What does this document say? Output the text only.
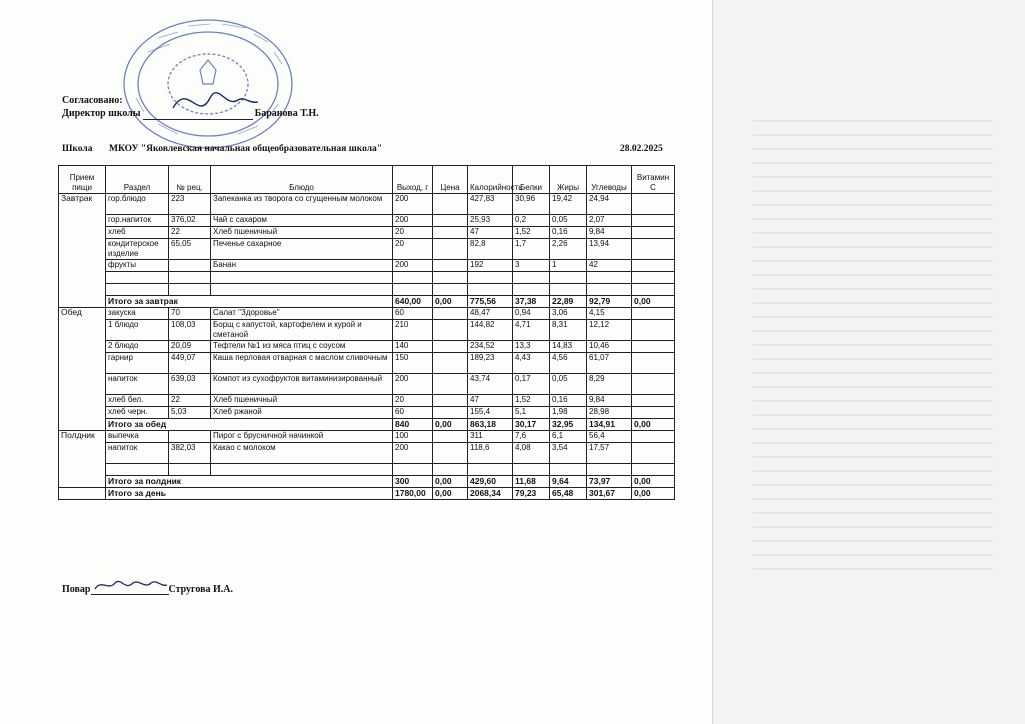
Согласовано:
Директор школы	Баранова Т.Н.
Школа МКОУ "Яковлевская начальная общеобразовательная школа"	28.02.2025
Прием пищи	Раздел	№ рец.	Блюдо	Выход, г	Цена	Калорийность	Белки	Жиры	Углеводы	Витамин С
Завтрак	гор.блюдо	223	Запеканка из творога со сгущенным молоком	200		427,83	30,96	19,42	24,94	
	гор.напиток	376,02	Чай с сахаром	200		25,93	0,2	0,05	2,07	
	хлеб	22	Хлеб пшеничный	20		47	1,52	0,16	9,84	
	кондитерское изделие	65,05	Печенье сахарное	20		82,8	1,7	2,26	13,94	
	фрукты		Банан	200		192	3	1	42	

	Итого за завтрак			640,00	0,00	775,56	37,38	22,89	92,79	0,00
Обед	закуска	70	Салат "Здоровье"	60		48,47	0,94	3,06	4,15	
	1 блюдо	108,03	Борщ с капустой, картофелем и курой и сметаной	210		144,82	4,71	8,31	12,12	
	2 блюдо	20,09	Тефтели №1 из мяса птиц с соусом	140		234,52	13,3	14,83	10,46	
	гарнир	449,07	Каша перловая отварная с маслом сливочным	150		189,23	4,43	4,56	61,07	
	напиток	639,03	Компот из сухофруктов витаминизированный	200		43,74	0,17	0,05	8,29	
	хлеб бел.	22	Хлеб пшеничный	20		47	1,52	0,16	9,84	
	хлеб черн.	5,03	Хлеб ржаной	60		155,4	5,1	1,98	28,98	
	Итого за обед			840	0,00	863,18	30,17	32,95	134,91	0,00
Полдник	выпечка		Пирог с брусничной начинкой	100		311	7,6	6,1	56,4	
	напиток	382,03	Какао с молоком	200		118,6	4,08	3,54	17,57	

	Итого за полдник			300	0,00	429,60	11,68	9,64	73,97	0,00
	Итого за день			1780,00	0,00	2068,34	79,23	65,48	301,67	0,00
Повар	Стругова И.А.
